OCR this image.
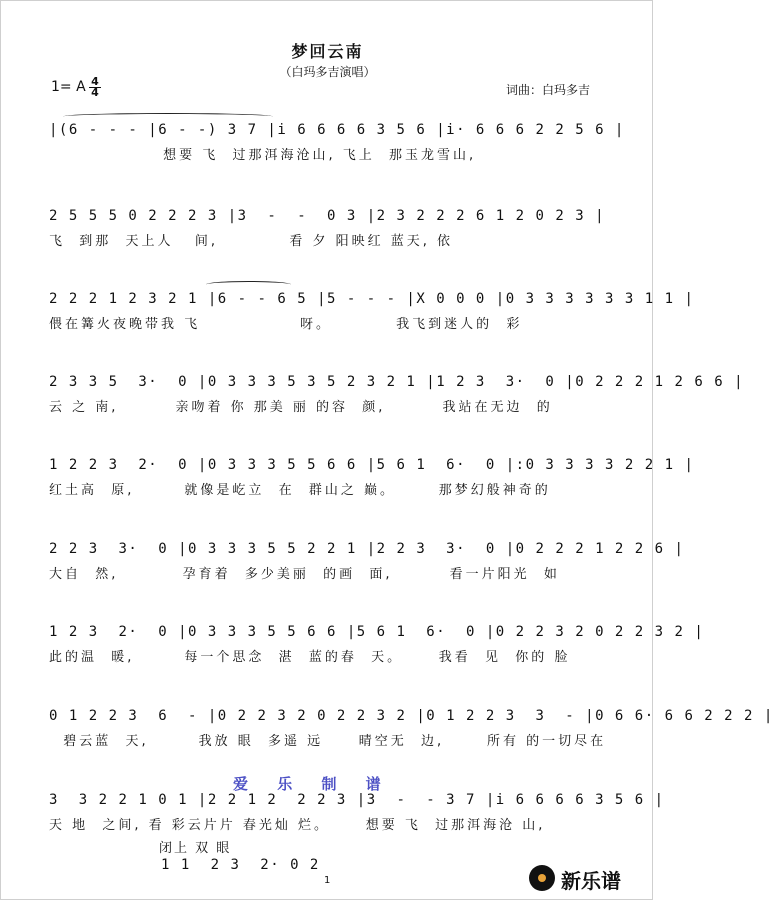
梦回云南
（白玛多吉演唱）
1= A 4
4	词曲：白玛多吉
|(6 - - - |6 - -) 3 7 |i 6 6 6 6 3 5 6 |i· 6 6 6 2 2 5 6 |
想要 飞  过那洱海沧山, 飞上  那玉龙雪山,
2 5 5 5 0 2 2 2 3 |3  -  -  0 3 |2 3 2 2 2 6 1 2 0 2 3 |
飞  到那  天上人   间,          看 夕 阳映红 蓝天, 依
2 2 2 1 2 3 2 1 |6 - - 6 5 |5 - - - |X 0 0 0 |0 3 3 3 3 3 3 1 1 |
偎在篝火夜晚带我 飞              呀。         我飞到迷人的  彩
2 3 3 5  3·  0 |0 3 3 3 5 3 5 2 3 2 1 |1 2 3  3·  0 |0 2 2 2 1 2 6 6 |
云 之 南,        亲吻着 你 那美 丽 的容  颜,        我站在无边  的
1 2 2 3  2·  0 |0 3 3 3 5 5 6 6 |5 6 1  6·  0 |:0 3 3 3 3 2 2 1 |
红土高  原,       就像是屹立  在  群山之 巅。      那梦幻般神奇的
2 2 3  3·  0 |0 3 3 3 5 5 2 2 1 |2 2 3  3·  0 |0 2 2 2 1 2 2 6 |
大自  然,         孕育着  多少美丽  的画  面,        看一片阳光  如
1 2 3  2·  0 |0 3 3 3 5 5 6 6 |5 6 1  6·  0 |0 2 2 3 2 0 2 2 3 2 |
此的温  暖,       每一个思念  湛  蓝的春  天。     我看  见  你的 脸
0 1 2 2 3  6  - |0 2 2 3 2 0 2 2 3 2 |0 1 2 2 3  3  - |0 6 6· 6 6 2 2 2 |
碧云蓝  天,       我放 眼  多遥 远     晴空无  边,      所有 的一切尽在
爱 乐 制 谱
3  3 2 2 1 0 1 |2 2 1 2  2 2 3 |3  -  - 3 7 |i 6 6 6 6 3 5 6 |
天 地  之间, 看 彩云片片 春光灿 烂。     想要 飞  过那洱海沧 山,
闭上 双 眼
1 1  2 3  2· 0 2
1	新乐谱
